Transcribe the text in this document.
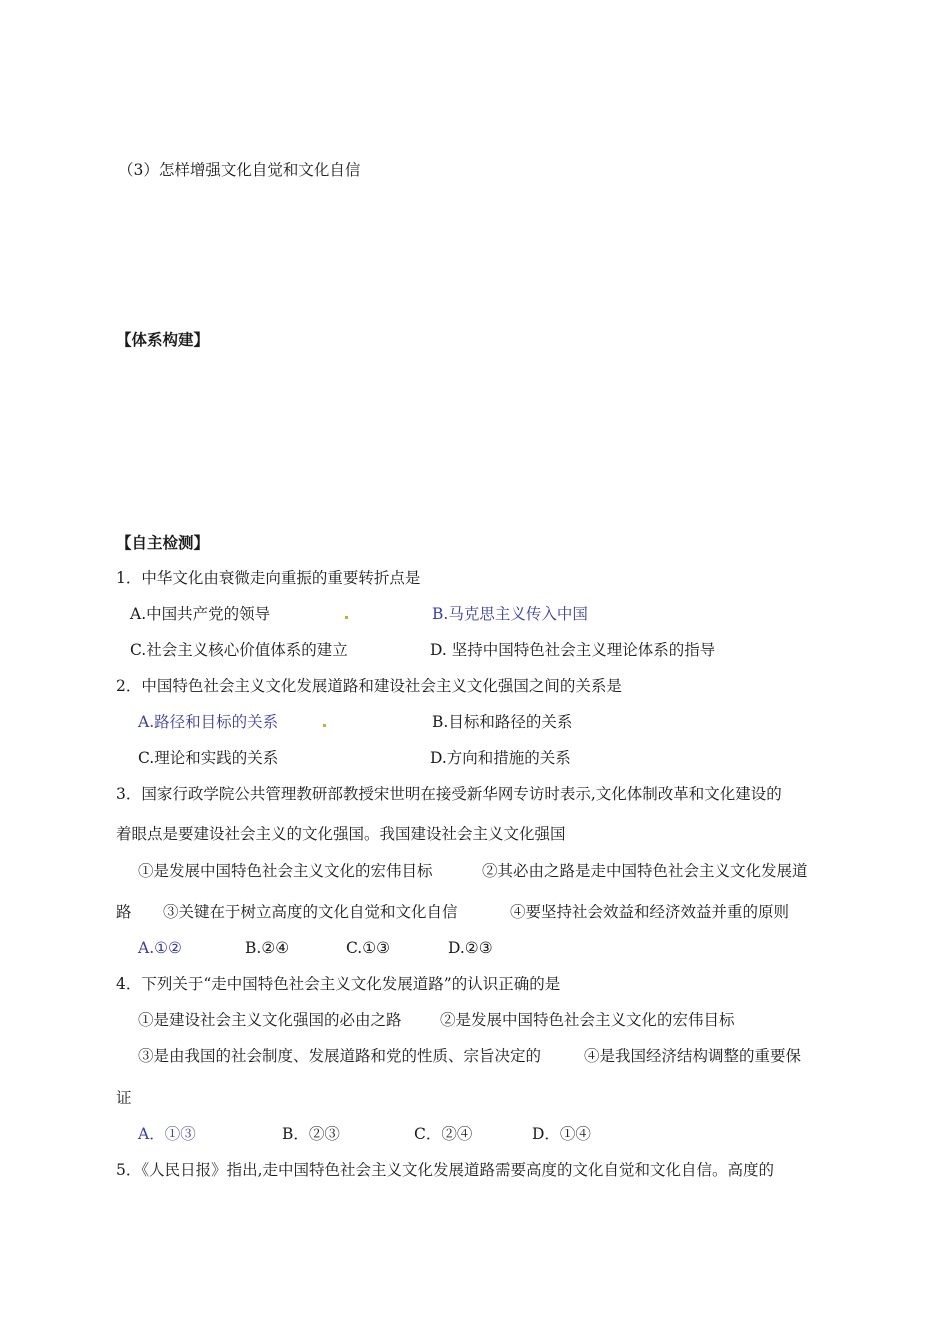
（3）怎样增强文化自觉和文化自信
【体系构建】
【自主检测】
1．中华文化由衰微走向重振的重要转折点是
A.中国共产党的领导	B.马克思主义传入中国
C.社会主义核心价值体系的建立	D. 坚持中国特色社会主义理论体系的指导
2．中国特色社会主义文化发展道路和建设社会主义文化强国之间的关系是
A.路径和目标的关系	B.目标和路径的关系
C.理论和实践的关系	D.方向和措施的关系
3．国家行政学院公共管理教研部教授宋世明在接受新华网专访时表示,文化体制改革和文化建设的
着眼点是要建设社会主义的文化强国。我国建设社会主义文化强国
①是发展中国特色社会主义文化的宏伟目标	②其必由之路是走中国特色社会主义文化发展道
路 ③关键在于树立高度的文化自觉和文化自信	④要坚持社会效益和经济效益并重的原则
A.①②	B.②④	C.①③	D.②③
4．下列关于“走中国特色社会主义文化发展道路”的认识正确的是
①是建设社会主义文化强国的必由之路 ②是发展中国特色社会主义文化的宏伟目标
③是由我国的社会制度、发展道路和党的性质、宗旨决定的	④是我国经济结构调整的重要保
证
A．①③	B．②③	C．②④	D．①④
5．《人民日报》指出,走中国特色社会主义文化发展道路需要高度的文化自觉和文化自信。高度的
